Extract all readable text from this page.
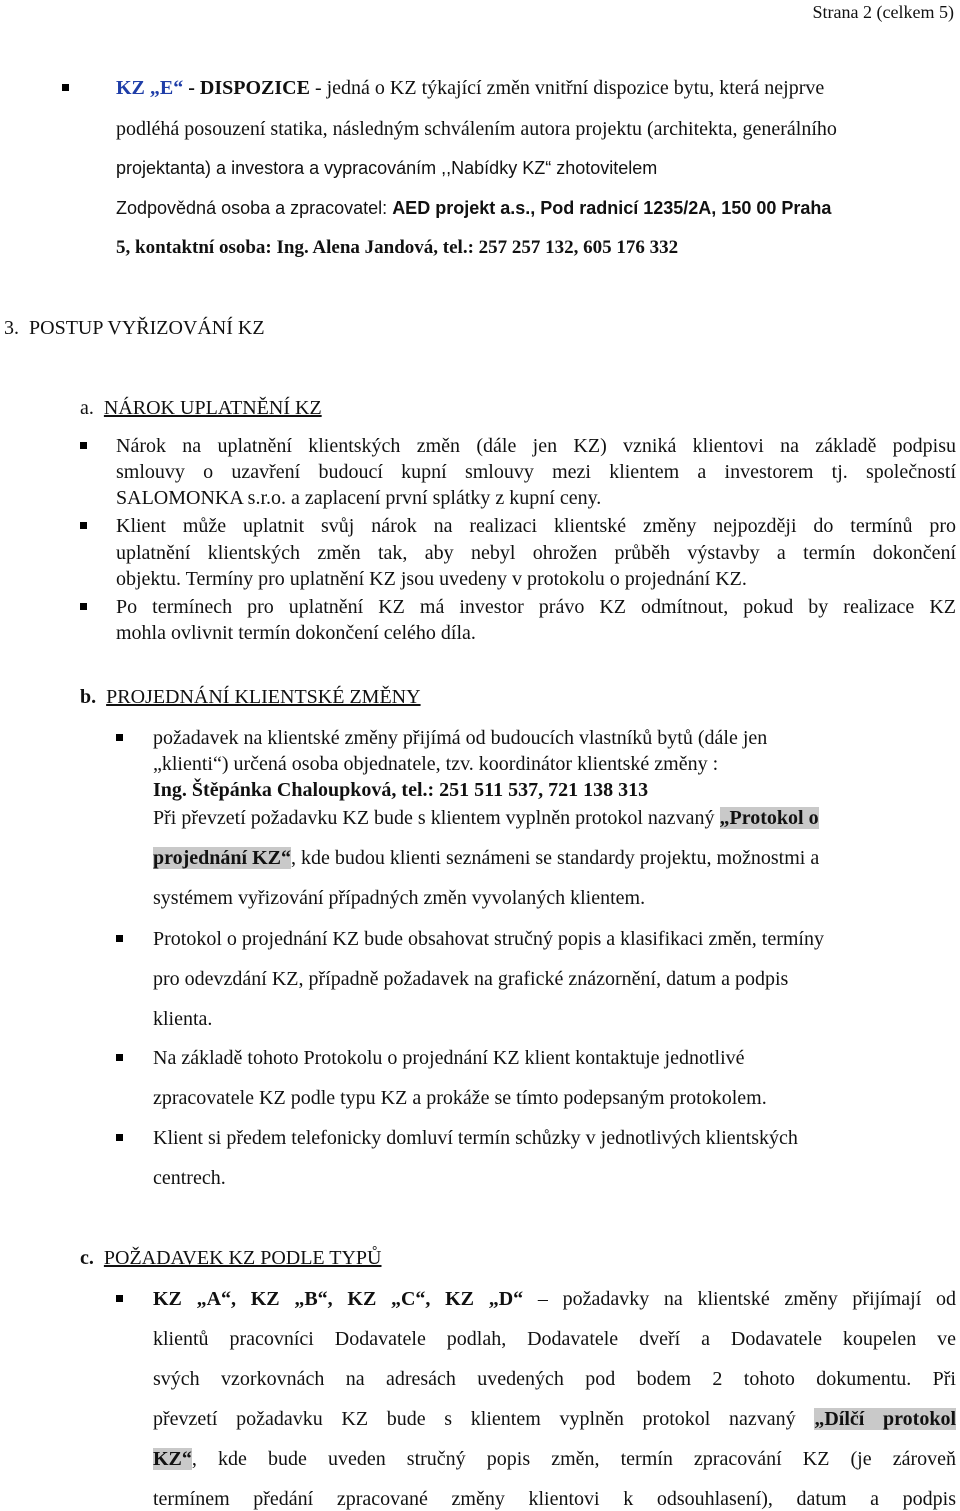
Strana 2 (celkem 5)
KZ „E“ - DISPOZICE - jedná o KZ týkající změn vnitřní dispozice bytu, která nejprve
podléhá posouzení statika, následným schválením autora projektu (architekta, generálního
projektanta) a investora a vypracováním ,,Nabídky KZ“ zhotovitelem
Zodpovědná osoba a zpracovatel: AED projekt a.s., Pod radnicí 1235/2A, 150 00 Praha
5, kontaktní osoba: Ing. Alena Jandová, tel.: 257 257 132, 605 176 332
3. POSTUP VYŘIZOVÁNÍ KZ
a. NÁROK UPLATNĚNÍ KZ
Nárok na uplatnění klientských změn (dále jen KZ) vzniká klientovi na základě podpisu
smlouvy o uzavření budoucí kupní smlouvy mezi klientem a investorem tj. společností
SALOMONKA s.r.o. a zaplacení první splátky z kupní ceny.
Klient může uplatnit svůj nárok na realizaci klientské změny nejpozději do termínů pro
uplatnění klientských změn tak, aby nebyl ohrožen průběh výstavby a termín dokončení
objektu. Termíny pro uplatnění KZ jsou uvedeny v protokolu o projednání KZ.
Po termínech pro uplatnění KZ má investor právo KZ odmítnout, pokud by realizace KZ
mohla ovlivnit termín dokončení celého díla.
b. PROJEDNÁNÍ KLIENTSKÉ ZMĚNY
požadavek na klientské změny přijímá od budoucích vlastníků bytů (dále jen
„klienti“) určená osoba objednatele, tzv. koordinátor klientské změny :
Ing. Štěpánka Chaloupková, tel.: 251 511 537, 721 138 313
Při převzetí požadavku KZ bude s klientem vyplněn protokol nazvaný „Protokol o
projednání KZ“, kde budou klienti seznámeni se standardy projektu, možnostmi a
systémem vyřizování případných změn vyvolaných klientem.
Protokol o projednání KZ bude obsahovat stručný popis a klasifikaci změn, termíny
pro odevzdání KZ, případně požadavek na grafické znázornění, datum a podpis
klienta.
Na základě tohoto Protokolu o projednání KZ klient kontaktuje jednotlivé
zpracovatele KZ podle typu KZ a prokáže se tímto podepsaným protokolem.
Klient si předem telefonicky domluví termín schůzky v jednotlivých klientských
centrech.
c. POŽADAVEK KZ PODLE TYPŮ
KZ „A“, KZ „B“, KZ „C“, KZ „D“ – požadavky na klientské změny přijímají od
klientů pracovníci Dodavatele podlah, Dodavatele dveří a Dodavatele koupelen ve
svých vzorkovnách na adresách uvedených pod bodem 2 tohoto dokumentu. Při
převzetí požadavku KZ bude s klientem vyplněn protokol nazvaný „Dílčí protokol
KZ“, kde bude uveden stručný popis změn, termín zpracování KZ (je zároveň
termínem předání zpracované změny klientovi k odsouhlasení), datum a podpis
